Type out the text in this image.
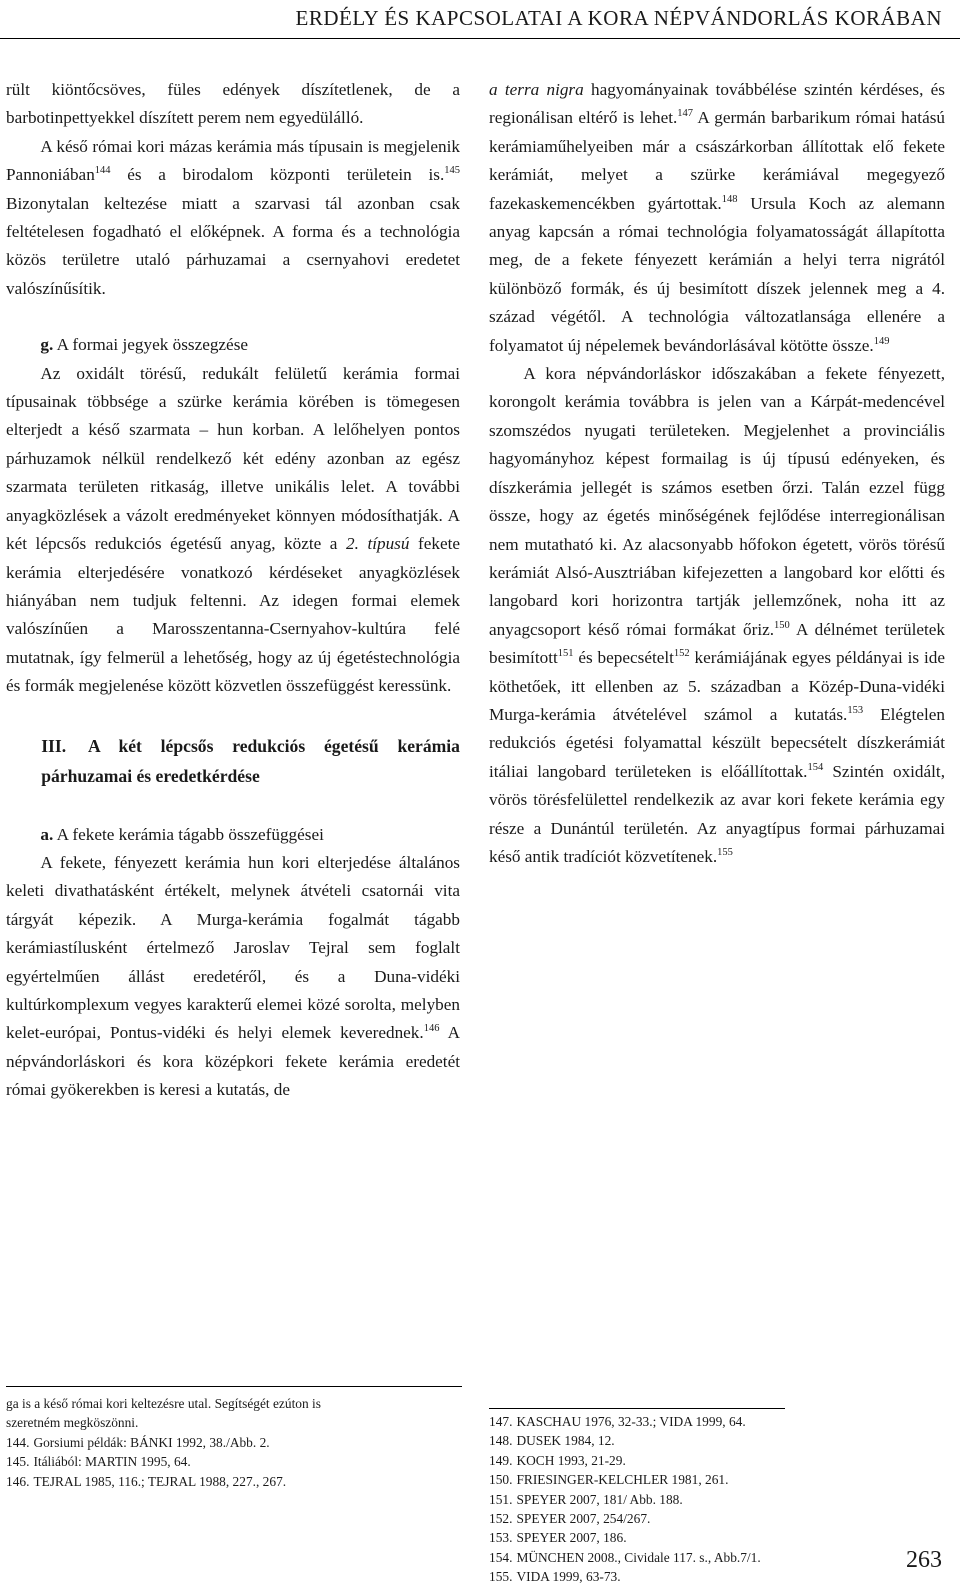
ERDÉLY ÉS KAPCSOLATAI A KORA NÉPVÁNDORLÁS KORÁBAN

rült kiöntőcsöves, füles edények díszítetlenek, de a barbotinpettyekkel díszített perem nem egyedülálló.

A késő római kori mázas kerámia más típusain is megjelenik Pannoniában$^{144}$ és a birodalom központi területein is.$^{145}$ Bizonytalan keltezése miatt a szarvasi tál azonban csak feltételesen fogadható el előképnek. A forma és a technológia közös területre utaló párhuzamai a csernyahovi eredetet valószínűsítik.

g. A formai jegyek összegzése

Az oxidált törésű, redukált felületű kerámia formai típusainak többsége a szürke kerámia körében is tömegesen elterjedt a késő szarmata – hun korban. A lelőhelyen pontos párhuzamok nélkül rendelkező két edény azonban az egész szarmata területen ritkaság, illetve unikális lelet. A további anyagközlések a vázolt eredményeket könnyen módosíthatják. A két lépcsős redukciós égetésű anyag, közte a 2. típusú fekete kerámia elterjedésére vonatkozó kérdéseket anyagközlések hiányában nem tudjuk feltenni. Az idegen formai elemek valószínűen a Marosszentanna-Csernyahov-kultúra felé mutatnak, így felmerül a lehetőség, hogy az új égetéstechnológia és formák megjelenése között közvetlen összefüggést keressünk.

III. A két lépcsős redukciós égetésű kerámia párhuzamai és eredetkérdése

a. A fekete kerámia tágabb összefüggései

A fekete, fényezett kerámia hun kori elterjedése általános keleti divathatásként értékelt, melynek átvételi csatornái vita tárgyát képezik. A Murga-kerámia fogalmát tágabb kerámiastílusként értelmező Jaroslav Tejral sem foglalt egyértelműen állást eredetéről, és a Duna-vidéki kultúrkomplexum vegyes karakterű elemei közé sorolta, melyben kelet-európai, Pontus-vidéki és helyi elemek keverednek.$^{146}$ A népvándorláskori és kora középkori fekete kerámia eredetét római gyökerekben is keresi a kutatás, de

a terra nigra hagyományainak továbbélése szintén kérdéses, és regionálisan eltérő is lehet.$^{147}$ A germán barbarikum római hatású kerámiaműhelyeiben már a császárkorban állítottak elő fekete kerámiát, melyet a szürke kerámiával megegyező fazekaskemencékben gyártottak.$^{148}$ Ursula Koch az alemann anyag kapcsán a római technológia folyamatosságát állapította meg, de a fekete fényezett kerámián a helyi terra nigrától különböző formák, és új besimított díszek jelennek meg a 4. század végétől. A technológia változatlansága ellenére a folyamatot új népelemek bevándorlásával kötötte össze.$^{149}$

A kora népvándorláskor időszakában a fekete fényezett, korongolt kerámia továbbra is jelen van a Kárpát-medencével szomszédos nyugati területeken. Megjelenhet a provinciális hagyományhoz képest formailag is új típusú edényeken, és díszkerámia jellegét is számos esetben őrzi. Talán ezzel függ össze, hogy az égetés minőségének fejlődése interregionálisan nem mutatható ki. Az alacsonyabb hőfokon égetett, vörös törésű kerámiát Alsó-Ausztriában kifejezetten a langobard kor előtti és langobard kori horizontra tartják jellemzőnek, noha itt az anyagcsoport késő római formákat őriz.$^{150}$ A délnémet területek besimított$^{151}$ és bepecsételt$^{152}$ kerámiájának egyes példányai is ide köthetőek, itt ellenben az 5. században a Közép-Duna-vidéki Murga-kerámia átvételével számol a kutatás.$^{153}$ Elégtelen redukciós égetési folyamattal készült bepecsételt díszkerámiát itáliai langobard területeken is előállítottak.$^{154}$ Szintén oxidált, vörös törésfelülettel rendelkezik az avar kori fekete kerámia egy része a Dunántúl területén. Az anyagtípus formai párhuzamai késő antik tradíciót közvetítenek.$^{155}$

ga is a késő római kori keltezésre utal. Segítségét ezúton is

szeretném megköszönni.

144. Gorsiumi példák: BÁNKI 1992, 38./Abb. 2.

145. Itáliából: MARTIN 1995, 64.

146. TEJRAL 1985, 116.; TEJRAL 1988, 227., 267.

147. KASCHAU 1976, 32-33.; VIDA 1999, 64.

148. DUSEK 1984, 12.

149. KOCH 1993, 21-29.

150. FRIESINGER-KELCHLER 1981, 261.

151. SPEYER 2007, 181/ Abb. 188.

152. SPEYER 2007, 254/267.

153. SPEYER 2007, 186.

154. MÜNCHEN 2008., Cividale 117. s., Abb.7/1.

155. VIDA 1999, 63-73.

263
